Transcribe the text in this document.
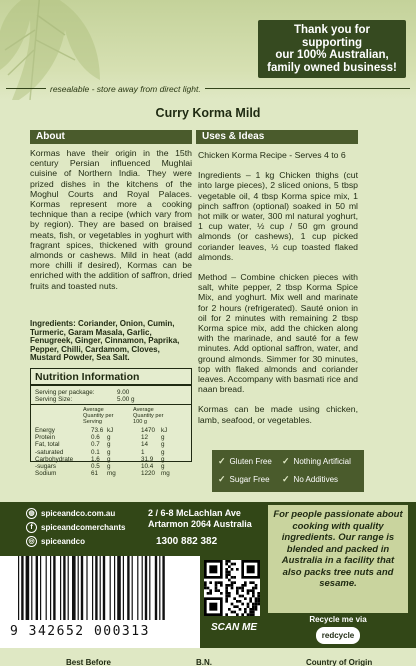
Thank you for
supporting
our 100% Australian,
family owned business!
resealable - store away from direct light.
Curry Korma Mild
About
Kormas have their origin in the 15th century Persian influenced Mughlai cuisine of Northern India. They were prized dishes in the kitchens of the Moghul Courts and Royal Palaces. Kormas represent more a cooking technique than a recipe (which vary from by region). They are based on braised meats, fish, or vegetables in yoghurt with fragrant spices, thickened with ground almonds or cashews. Mild in heat (add more chilli if desired), Kormas can be enriched with the addition of saffron, dried fruits and toasted nuts.
Ingredients: Coriander, Onion, Cumin, Turmeric, Garam Masala, Garlic, Fenugreek, Ginger, Cinnamon, Paprika, Pepper, Chilli, Cardamom, Cloves, Mustard Powder, Sea Salt.
Nutrition Information
Serving per package:	9.00
Serving Size:	5.00 g
Average
Quantity per
Serving
Average
Quantity per
100 g
Energy	73.6 kJ	1470 kJ
Protein	0.6 g	12 g
Fat, total	0.7 g	14 g
-saturated	0.1 g	1	g
Carbohydrate	1.6 g	31.9 g
-sugars	0.5 g	10.4 g
Sodium	61 mg	1220 mg
Uses & Ideas

Chicken Korma Recipe - Serves 4 to 6

Ingredients – 1 kg Chicken thighs (cut into large pieces), 2 sliced onions, 5 tbsp vegetable oil, 4 tbsp Korma spice mix, 1 pinch saffron (optional) soaked in 50 ml hot milk or water, 300 ml natural yoghurt, 1 cup water, ½ cup / 50 gm ground almonds (or cashews), 1 cup picked coriander leaves, ½ cup toasted flaked almonds.

Method – Combine chicken pieces with salt, white pepper, 2 tbsp Korma Spice Mix, and yoghurt. Mix well and marinate for 2 hours (refrigerated). Sauté onion in oil for 2 minutes with remaining 2 tbsp Korma spice mix, add the chicken along with the marinade, and sauté for a few minutes. Add optional saffron, water, and ground almonds. Simmer for 30 minutes, top with flaked almonds and coriander leaves. Accompany with basmati rice and naan bread.

Kormas can be made using chicken, lamb, seafood, or vegetables.

✓ Gluten Free ✓ Nothing Artificial
✓ Sugar Free ✓ No Additives
◍ spiceandco.com.au
f	spiceandcomerchants
◎ spiceandco
2 / 6-8 McLachlan Ave
Artarmon 2064 Australia
1300 882 382
For people passionate about cooking with quality ingredients. Our range is blended and packed in Australia in a facility that also packs tree nuts and sesame.
Recycle me via
redcycle
9 342652 000313	SCAN ME
Best Before	B.N.	Country of Origin
